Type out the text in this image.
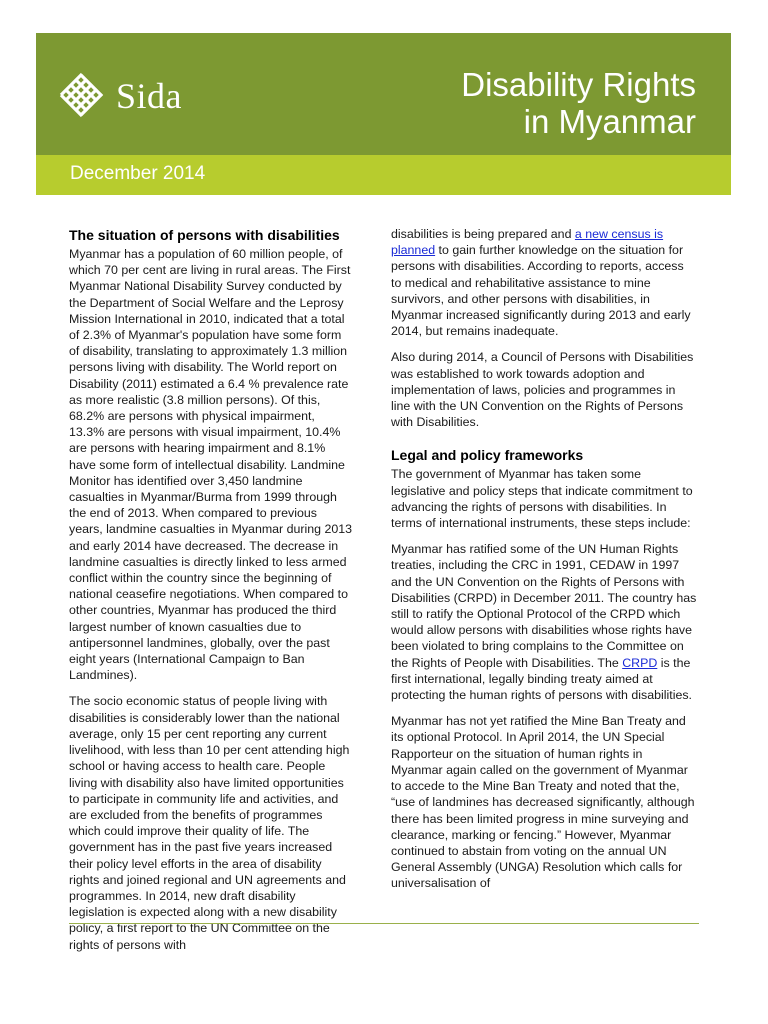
Sida	Disability Rights
in Myanmar
December 2014
The situation of persons with disabilities

Myanmar has a population of 60 million people, of which 70 per cent are living in rural areas. The First Myanmar National Disability Survey conducted by the Department of Social Welfare and the Leprosy Mission International in 2010, indicated that a total of 2.3% of Myanmar's population have some form of disability, translating to approximately 1.3 million persons living with disability. The World report on Disability (2011) estimated a 6.4 % prevalence rate as more realistic (3.8 million persons). Of this, 68.2% are persons with physical impairment, 13.3% are persons with visual impairment, 10.4% are persons with hearing impairment and 8.1% have some form of intellectual disability. Landmine Monitor has identified over 3,450 landmine casualties in Myanmar/Burma from 1999 through the end of 2013. When compared to previous years, landmine casualties in Myanmar during 2013 and early 2014 have decreased. The decrease in landmine casualties is directly linked to less armed conflict within the country since the beginning of national ceasefire negotiations. When compared to other countries, Myanmar has produced the third largest number of known casualties due to antipersonnel landmines, globally, over the past eight years (International Campaign to Ban Landmines).

The socio economic status of people living with disabilities is considerably lower than the national average, only 15 per cent reporting any current livelihood, with less than 10 per cent attending high school or having access to health care. People living with disability also have limited opportunities to participate in community life and activities, and are excluded from the benefits of programmes which could improve their quality of life. The government has in the past five years increased their policy level efforts in the area of disability rights and joined regional and UN agreements and programmes. In 2014, new draft disability legislation is expected along with a new disability policy, a first report to the UN Committee on the rights of persons with

disabilities is being prepared and a new census is planned to gain further knowledge on the situation for persons with disabilities. According to reports, access to medical and rehabilitative assistance to mine survivors, and other persons with disabilities, in Myanmar increased significantly during 2013 and early 2014, but remains inadequate.

Also during 2014, a Council of Persons with Disabilities was established to work towards adoption and implementation of laws, policies and programmes in line with the UN Convention on the Rights of Persons with Disabilities.

Legal and policy frameworks

The government of Myanmar has taken some legislative and policy steps that indicate commitment to advancing the rights of persons with disabilities. In terms of international instruments, these steps include:

Myanmar has ratified some of the UN Human Rights treaties, including the CRC in 1991, CEDAW in 1997 and the UN Convention on the Rights of Persons with Disabilities (CRPD) in December 2011. The country has still to ratify the Optional Protocol of the CRPD which would allow persons with disabilities whose rights have been violated to bring complains to the Committee on the Rights of People with Disabilities. The CRPD is the first international, legally binding treaty aimed at protecting the human rights of persons with disabilities.

Myanmar has not yet ratified the Mine Ban Treaty and its optional Protocol. In April 2014, the UN Special Rapporteur on the situation of human rights in Myanmar again called on the government of Myanmar to accede to the Mine Ban Treaty and noted that the, “use of landmines has decreased significantly, although there has been limited progress in mine surveying and clearance, marking or fencing.” However, Myanmar continued to abstain from voting on the annual UN General Assembly (UNGA) Resolution which calls for universalisation of
